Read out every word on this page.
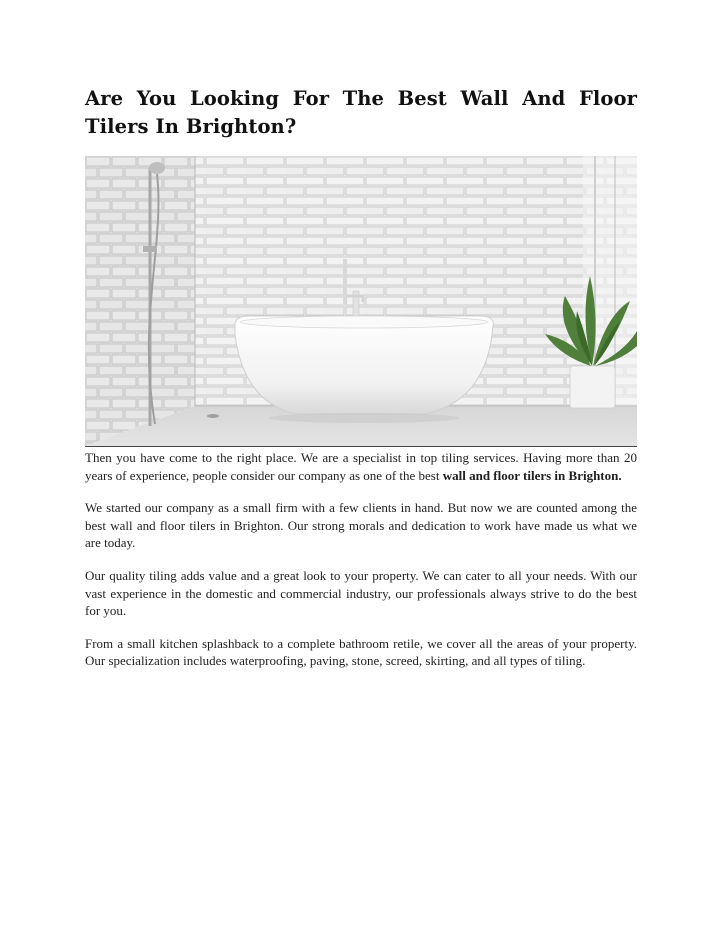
Are You Looking For The Best Wall And Floor Tilers In Brighton?

Then you have come to the right place. We are a specialist in top tiling services. Having more than 20 years of experience, people consider our company as one of the best wall and floor tilers in Brighton.

We started our company as a small firm with a few clients in hand. But now we are counted among the best wall and floor tilers in Brighton. Our strong morals and dedication to work have made us what we are today.

Our quality tiling adds value and a great look to your property. We can cater to all your needs. With our vast experience in the domestic and commercial industry, our professionals always strive to do the best for you.

From a small kitchen splashback to a complete bathroom retile, we cover all the areas of your property. Our specialization includes waterproofing, paving, stone, screed, skirting, and all types of tiling.
